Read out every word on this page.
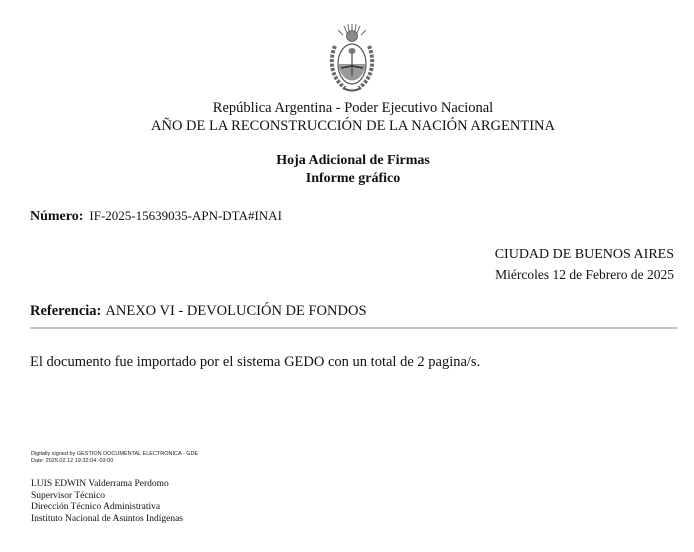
República Argentina - Poder Ejecutivo Nacional
AÑO DE LA RECONSTRUCCIÓN DE LA NACIÓN ARGENTINA
Hoja Adicional de Firmas
Informe gráfico
Número: IF-2025-15639035-APN-DTA#INAI
CIUDAD DE BUENOS AIRES
Miércoles 12 de Febrero de 2025
Referencia: ANEXO VI - DEVOLUCIÓN DE FONDOS
El documento fue importado por el sistema GEDO con un total de 2 pagina/s.
Digitally signed by GESTION DOCUMENTAL ELECTRONICA - GDE
Date: 2025.02.12 19:32:04 -03:00
LUIS EDWIN Valderrama Perdomo
Supervisor Técnico
Dirección Técnico Administrativa
Instituto Nacional de Asuntos Indígenas
